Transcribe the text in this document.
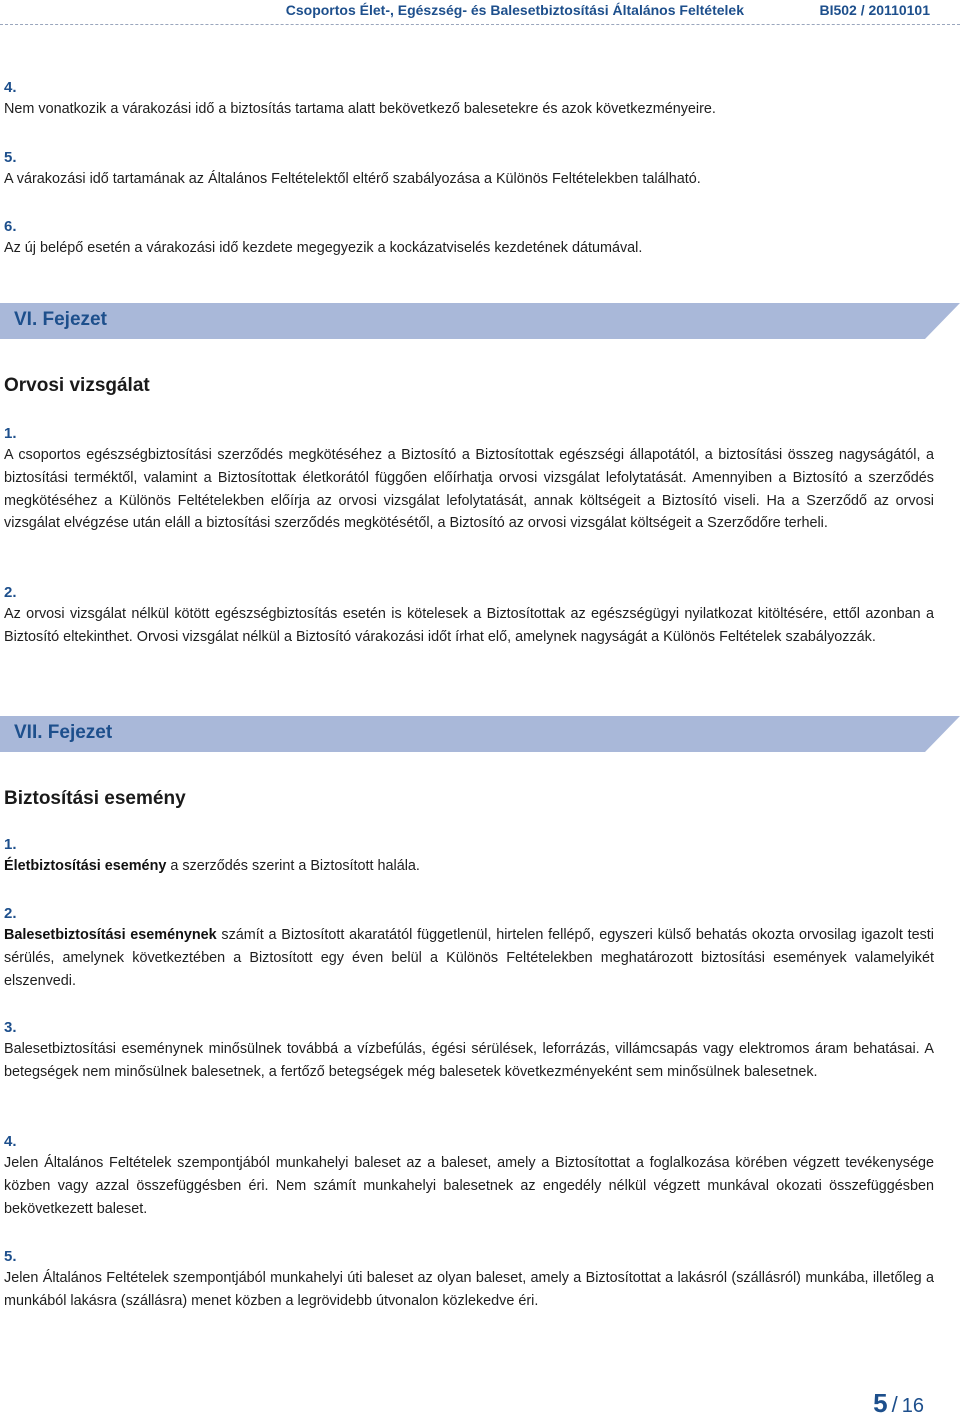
Csoportos Élet-, Egészség- és Balesetbiztosítási Általános Feltételek	BI502 / 20110101

4.

Nem vonatkozik a várakozási idő a biztosítás tartama alatt bekövetkező balesetekre és azok következményeire.

5.

A várakozási idő tartamának az Általános Feltételektől eltérő szabályozása a Különös Feltételekben található.

6.

Az új belépő esetén a várakozási idő kezdete megegyezik a kockázatviselés kezdetének dátumával.

VI. Fejezet
Orvosi vizsgálat

1.

A csoportos egészségbiztosítási szerződés megkötéséhez a Biztosító a Biztosítottak egészségi állapotától, a biztosítási összeg nagyságától, a biztosítási terméktől, valamint a Biztosítottak életkorától függően előírhatja orvosi vizsgálat lefolytatását. Amennyiben a Biztosító a szerződés megkötéséhez a Különös Feltételekben előírja az orvosi vizsgálat lefolytatását, annak költségeit a Biztosító viseli. Ha a Szerződő az orvosi vizsgálat elvégzése után eláll a biztosítási szerződés megkötésétől, a Biztosító az orvosi vizsgálat költségeit a Szerződőre terheli.

2.

Az orvosi vizsgálat nélkül kötött egészségbiztosítás esetén is kötelesek a Biztosítottak az egészségügyi nyilatkozat kitöltésére, ettől azonban a Biztosító eltekinthet. Orvosi vizsgálat nélkül a Biztosító várakozási időt írhat elő, amelynek nagyságát a Különös Feltételek szabályozzák.

VII. Fejezet
Biztosítási esemény

1.

Életbiztosítási esemény a szerződés szerint a Biztosított halála.

2.

Balesetbiztosítási eseménynek számít a Biztosított akaratától függetlenül, hirtelen fellépő, egyszeri külső behatás okozta orvosilag igazolt testi sérülés, amelynek következtében a Biztosított egy éven belül a Különös Feltételekben meghatározott biztosítási események valamelyikét elszenvedi.

3.

Balesetbiztosítási eseménynek minősülnek továbbá a vízbefúlás, égési sérülések, leforrázás, villámcsapás vagy elektromos áram behatásai. A betegségek nem minősülnek balesetnek, a fertőző betegségek még balesetek következményeként sem minősülnek balesetnek.

4.

Jelen Általános Feltételek szempontjából munkahelyi baleset az a baleset, amely a Biztosítottat a foglalkozása körében végzett tevékenysége közben vagy azzal összefüggésben éri. Nem számít munkahelyi balesetnek az engedély nélkül végzett munkával okozati összefüggésben bekövetkezett baleset.

5.

Jelen Általános Feltételek szempontjából munkahelyi úti baleset az olyan baleset, amely a Biztosítottat a lakásról (szállásról) munkába, illetőleg a munkából lakásra (szállásra) menet közben a legrövidebb útvonalon közlekedve éri.

5 / 16
